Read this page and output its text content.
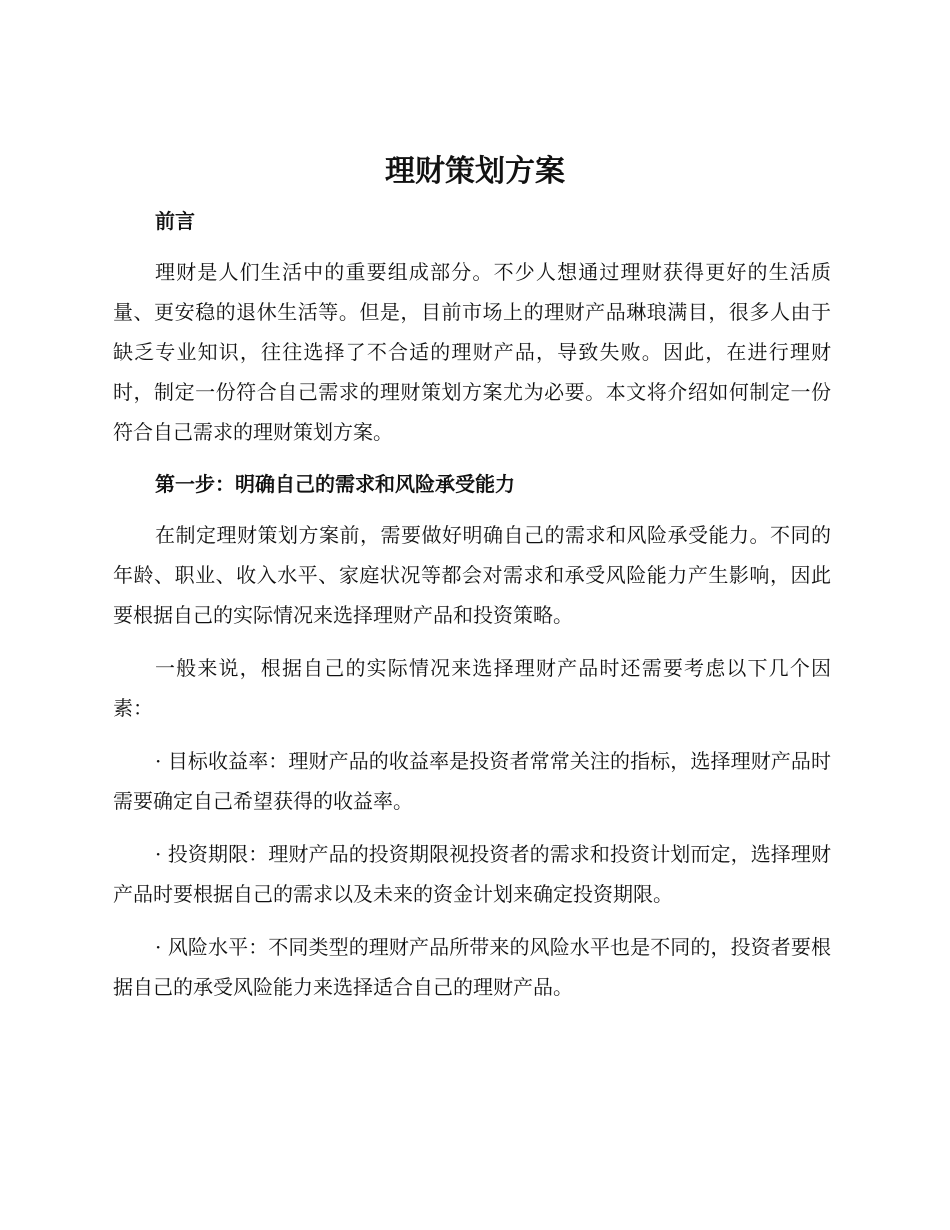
理财策划方案

前言

理财是人们生活中的重要组成部分。不少人想通过理财获得更好的生活质量、更安稳的退休生活等。但是，目前市场上的理财产品琳琅满目，很多人由于缺乏专业知识，往往选择了不合适的理财产品，导致失败。因此，在进行理财时，制定一份符合自己需求的理财策划方案尤为必要。本文将介绍如何制定一份符合自己需求的理财策划方案。

第一步：明确自己的需求和风险承受能力

在制定理财策划方案前，需要做好明确自己的需求和风险承受能力。不同的年龄、职业、收入水平、家庭状况等都会对需求和承受风险能力产生影响，因此要根据自己的实际情况来选择理财产品和投资策略。

一般来说，根据自己的实际情况来选择理财产品时还需要考虑以下几个因素：

· 目标收益率：理财产品的收益率是投资者常常关注的指标，选择理财产品时需要确定自己希望获得的收益率。

· 投资期限：理财产品的投资期限视投资者的需求和投资计划而定，选择理财产品时要根据自己的需求以及未来的资金计划来确定投资期限。

· 风险水平：不同类型的理财产品所带来的风险水平也是不同的，投资者要根据自己的承受风险能力来选择适合自己的理财产品。
